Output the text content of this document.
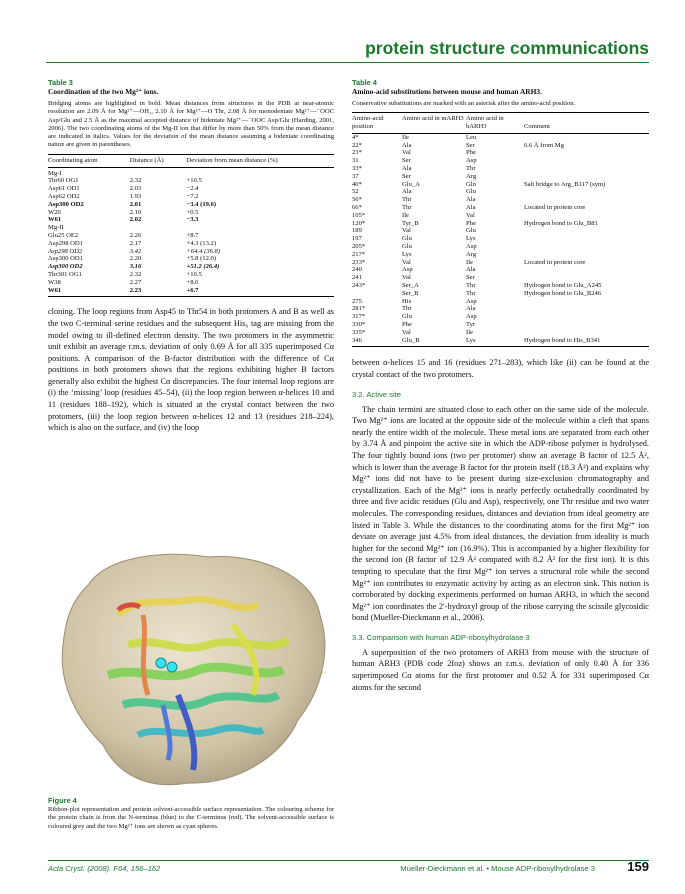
protein structure communications
Table 3
Coordination of the two Mg²⁺ ions.
Bridging atoms are highlighted in bold. Mean distances from structures in the PDB at near-atomic resolution are 2.09 Å for Mg²⁺—OH₂, 2.10 Å for Mg²⁺—O Thr, 2.08 Å for monodentate Mg²⁺—⁻OOC Asp/Glu and 2.5 Å as the maximal accepted distance of bidentate Mg²⁺—⁻OOC Asp/Glu (Harding, 2001, 2006). The two coordinating atoms of the Mg-II ion that differ by more than 50% from the mean distance are indicated in italics. Values for the deviation of the mean distance assuming a bidentate coordinating nature are given in parentheses.
Coordinating atom	Distance (Å)	Deviation from mean distance (%)
Mg-I		
Thr60 OG1	2.32	+10.5
Asp61 OD1	2.03	−2.4
Asp62 OD2	1.93	−7.2
Asp300 OD2	2.01	−3.4 (19.6)
W20	2.10	+0.5
W61	2.02	−3.3
Mg-II		
Glu25 OE2	2.26	+8.7
Asp298 OD1	2.17	+4.3 (13.2)
Asp298 OD2	3.42	+64.4 (36.8)
Asp300 OD1	2.20	+5.8 (12.0)
Asp300 OD2	3.16	+51.2 (26.4)
Thr301 OG1	2.32	+10.5
W38	2.27	+8.6
W61	2.23	+6.7
cloning. The loop regions from Asp45 to Thr54 in both protomers A and B as well as the two C-terminal serine residues and the subsequent His₆ tag are missing from the model owing to ill-defined electron density. The two protomers in the asymmetric unit exhibit an average r.m.s. deviation of only 0.69 Å for all 335 superimposed Cα positions. A comparison of the B-factor distribution with the difference of Cα positions in both protomers shows that the regions exhibiting higher B factors generally also exhibit the highest Cα discrepancies. The four internal loop regions are (i) the ‘missing’ loop (residues 45–54), (ii) the loop region between α-helices 10 and 11 (residues 188–192), which is situated at the crystal contact between the two protomers, (iii) the loop region between α-helices 12 and 13 (residues 218–224), which is also on the surface, and (iv) the loop
Figure 4
Ribbon-plot representation and protein solvent-accessible surface representation. The colouring scheme for the protein chain is from the N-terminus (blue) to the C-terminus (red). The solvent-accessible surface is coloured grey and the two Mg²⁺ ions are shown as cyan spheres.
Table 4
Amino-acid substitutions between mouse and human ARH3.
Conservative substitutions are marked with an asterisk after the amino-acid position.
Amino-acid position	Amino acid in mARH3	Amino acid in hARH3	Comment
4*	Ile	Leu	
22*	Ala	Ser	6.6 Å from Mg
23*	Val	Phe	
31	Ser	Asp	
33*	Ala	Thr	
37	Ser	Arg	
40*	Glu_A	Gln	Salt bridge to Arg_B117 (sym)
52	Ala	Glu	
56*	Thr	Ala	
66*	Thr	Ala	Located in protein core
105*	Ile	Val	
120*	Tyr_B	Phe	Hydrogen bond to Glu_B81
189	Val	Glu	
197	Glu	Lys	
205*	Glu	Asp	
217*	Lys	Arg	
233*	Val	Ile	Located in protein core
240	Asp	Ala	
241	Val	Ser	
243*	Ser_A	Thr	Hydrogen bond to Glu_A245
	Ser_B	Thr	Hydrogen bond to Glu_B246
275	His	Asp	
281*	Thr	Ala	
317*	Glu	Asp	
330*	Phe	Tyr	
335*	Val	Ile	
346	Glu_B	Lys	Hydrogen bond to His_B341
between α-helices 15 and 16 (residues 271–283), which like (ii) can be found at the crystal contact of the two protomers.
3.2. Active site
The chain termini are situated close to each other on the same side of the molecule. Two Mg²⁺ ions are located at the opposite side of the molecule within a cleft that spans nearly the entire width of the molecule. These metal ions are separated from each other by 3.74 Å and pinpoint the active site in which the ADP-ribose polymer is hydrolysed. The four tightly bound ions (two per protomer) show an average B factor of 12.5 Å², which is lower than the average B factor for the protein itself (18.3 Å²) and explains why Mg²⁺ ions did not have to be present during size-exclusion chromatography and crystallization. Each of the Mg²⁺ ions is nearly perfectly octahedrally coordinated by three and five acidic residues (Glu and Asp), respectively, one Thr residue and two water molecules. The corresponding residues, distances and deviation from ideal geometry are listed in Table 3. While the distances to the coordinating atoms for the first Mg²⁺ ion deviate on average just 4.5% from ideal distances, the deviation from ideality is much higher for the second Mg²⁺ ion (16.9%). This is accompanied by a higher flexibility for the second ion (B factor of 12.9 Å² compared with 8.2 Å² for the first ion). It is this tempting to speculate that the first Mg²⁺ ion serves a structural role while the second Mg²⁺ ion contributes to enzymatic activity by acting as an electron sink. This notion is corroborated by docking experiments performed on human ARH3, in which the second Mg²⁺ ion coordinates the 2′-hydroxyl group of the ribose carrying the scissile glycosidic bond (Mueller-Dieckmann et al., 2006).
3.3. Comparison with human ADP-ribosylhydrolase 3
A superposition of the two protomers of ARH3 from mouse with the structure of human ARH3 (PDB code 2foz) shows an r.m.s. deviation of only 0.40 Å for 336 superimposed Cα atoms for the first protomer and 0.52 Å for 331 superimposed Cα atoms for the second
Acta Cryst. (2008). F64, 156–162	Mueller-Dieckmann et al. • Mouse ADP-ribosylhydrolase 3 159
